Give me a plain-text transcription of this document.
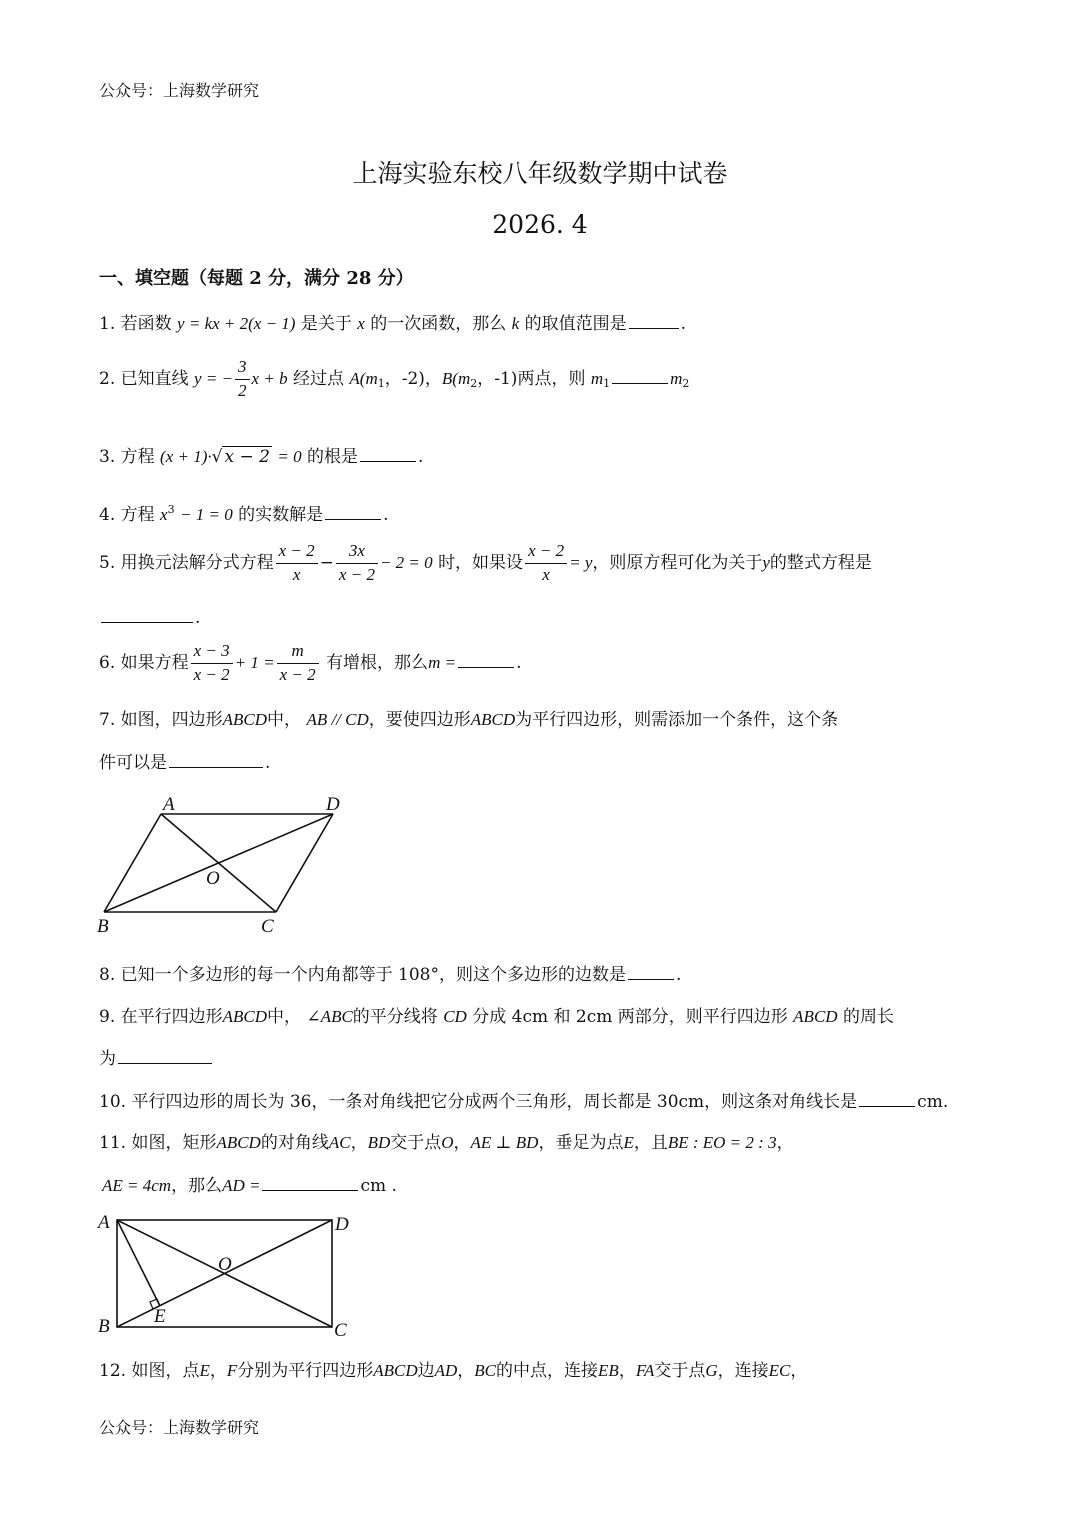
公众号：上海数学研究
上海实验东校八年级数学期中试卷
2026. 4
一、填空题（每题 2 分，满分 28 分）
1. 若函数 y = kx + 2(x − 1) 是关于 x 的一次函数，那么 k 的取值范围是	.
2. 已知直线 y = − $\frac{3}{2}$ x + b 经过点 $A(m_1$，-2)，$B(m_2$，-1)两点，则 $m_1$	$m_2$
3. 方程 (x + 1)·√ x − 2 = 0 的根是	.
4. 方程 $x^3 - 1 = 0$ 的实数解是	.
5. 用换元法解分式方程 $\frac{x - 2}{x} - \frac{3x}{x - 2} - 2 = 0$ 时，如果设 $\frac{x - 2}{x} = y$，则原方程可化为关于y的整式方程是
.
6. 如果方程 $\frac{x - 3}{x - 2} + 1 = \frac{m}{x - 2}$ 有增根，那么m =	.
7. 如图，四边形ABCD中， AB // CD，要使四边形ABCD为平行四边形，则需添加一个条件，这个条
件可以是	.
A	D
B	C
O
8. 已知一个多边形的每一个内角都等于 108°，则这个多边形的边数是	.
9. 在平行四边形ABCD中， ∠ABC的平分线将 CD 分成 4cm 和 2cm 两部分，则平行四边形 ABCD 的周长
为
10. 平行四边形的周长为 36，一条对角线把它分成两个三角形，周长都是 30cm，则这条对角线长是	cm.
11. 如图，矩形ABCD的对角线AC，BD交于点O，AE ⊥ BD，垂足为点E，且BE : EO = 2 : 3，
AE = 4cm，那么AD =	cm .
A	D
B	C
O
E
12. 如图，点E，F分别为平行四边形ABCD边AD，BC的中点，连接EB，FA交于点G，连接EC，
公众号：上海数学研究
